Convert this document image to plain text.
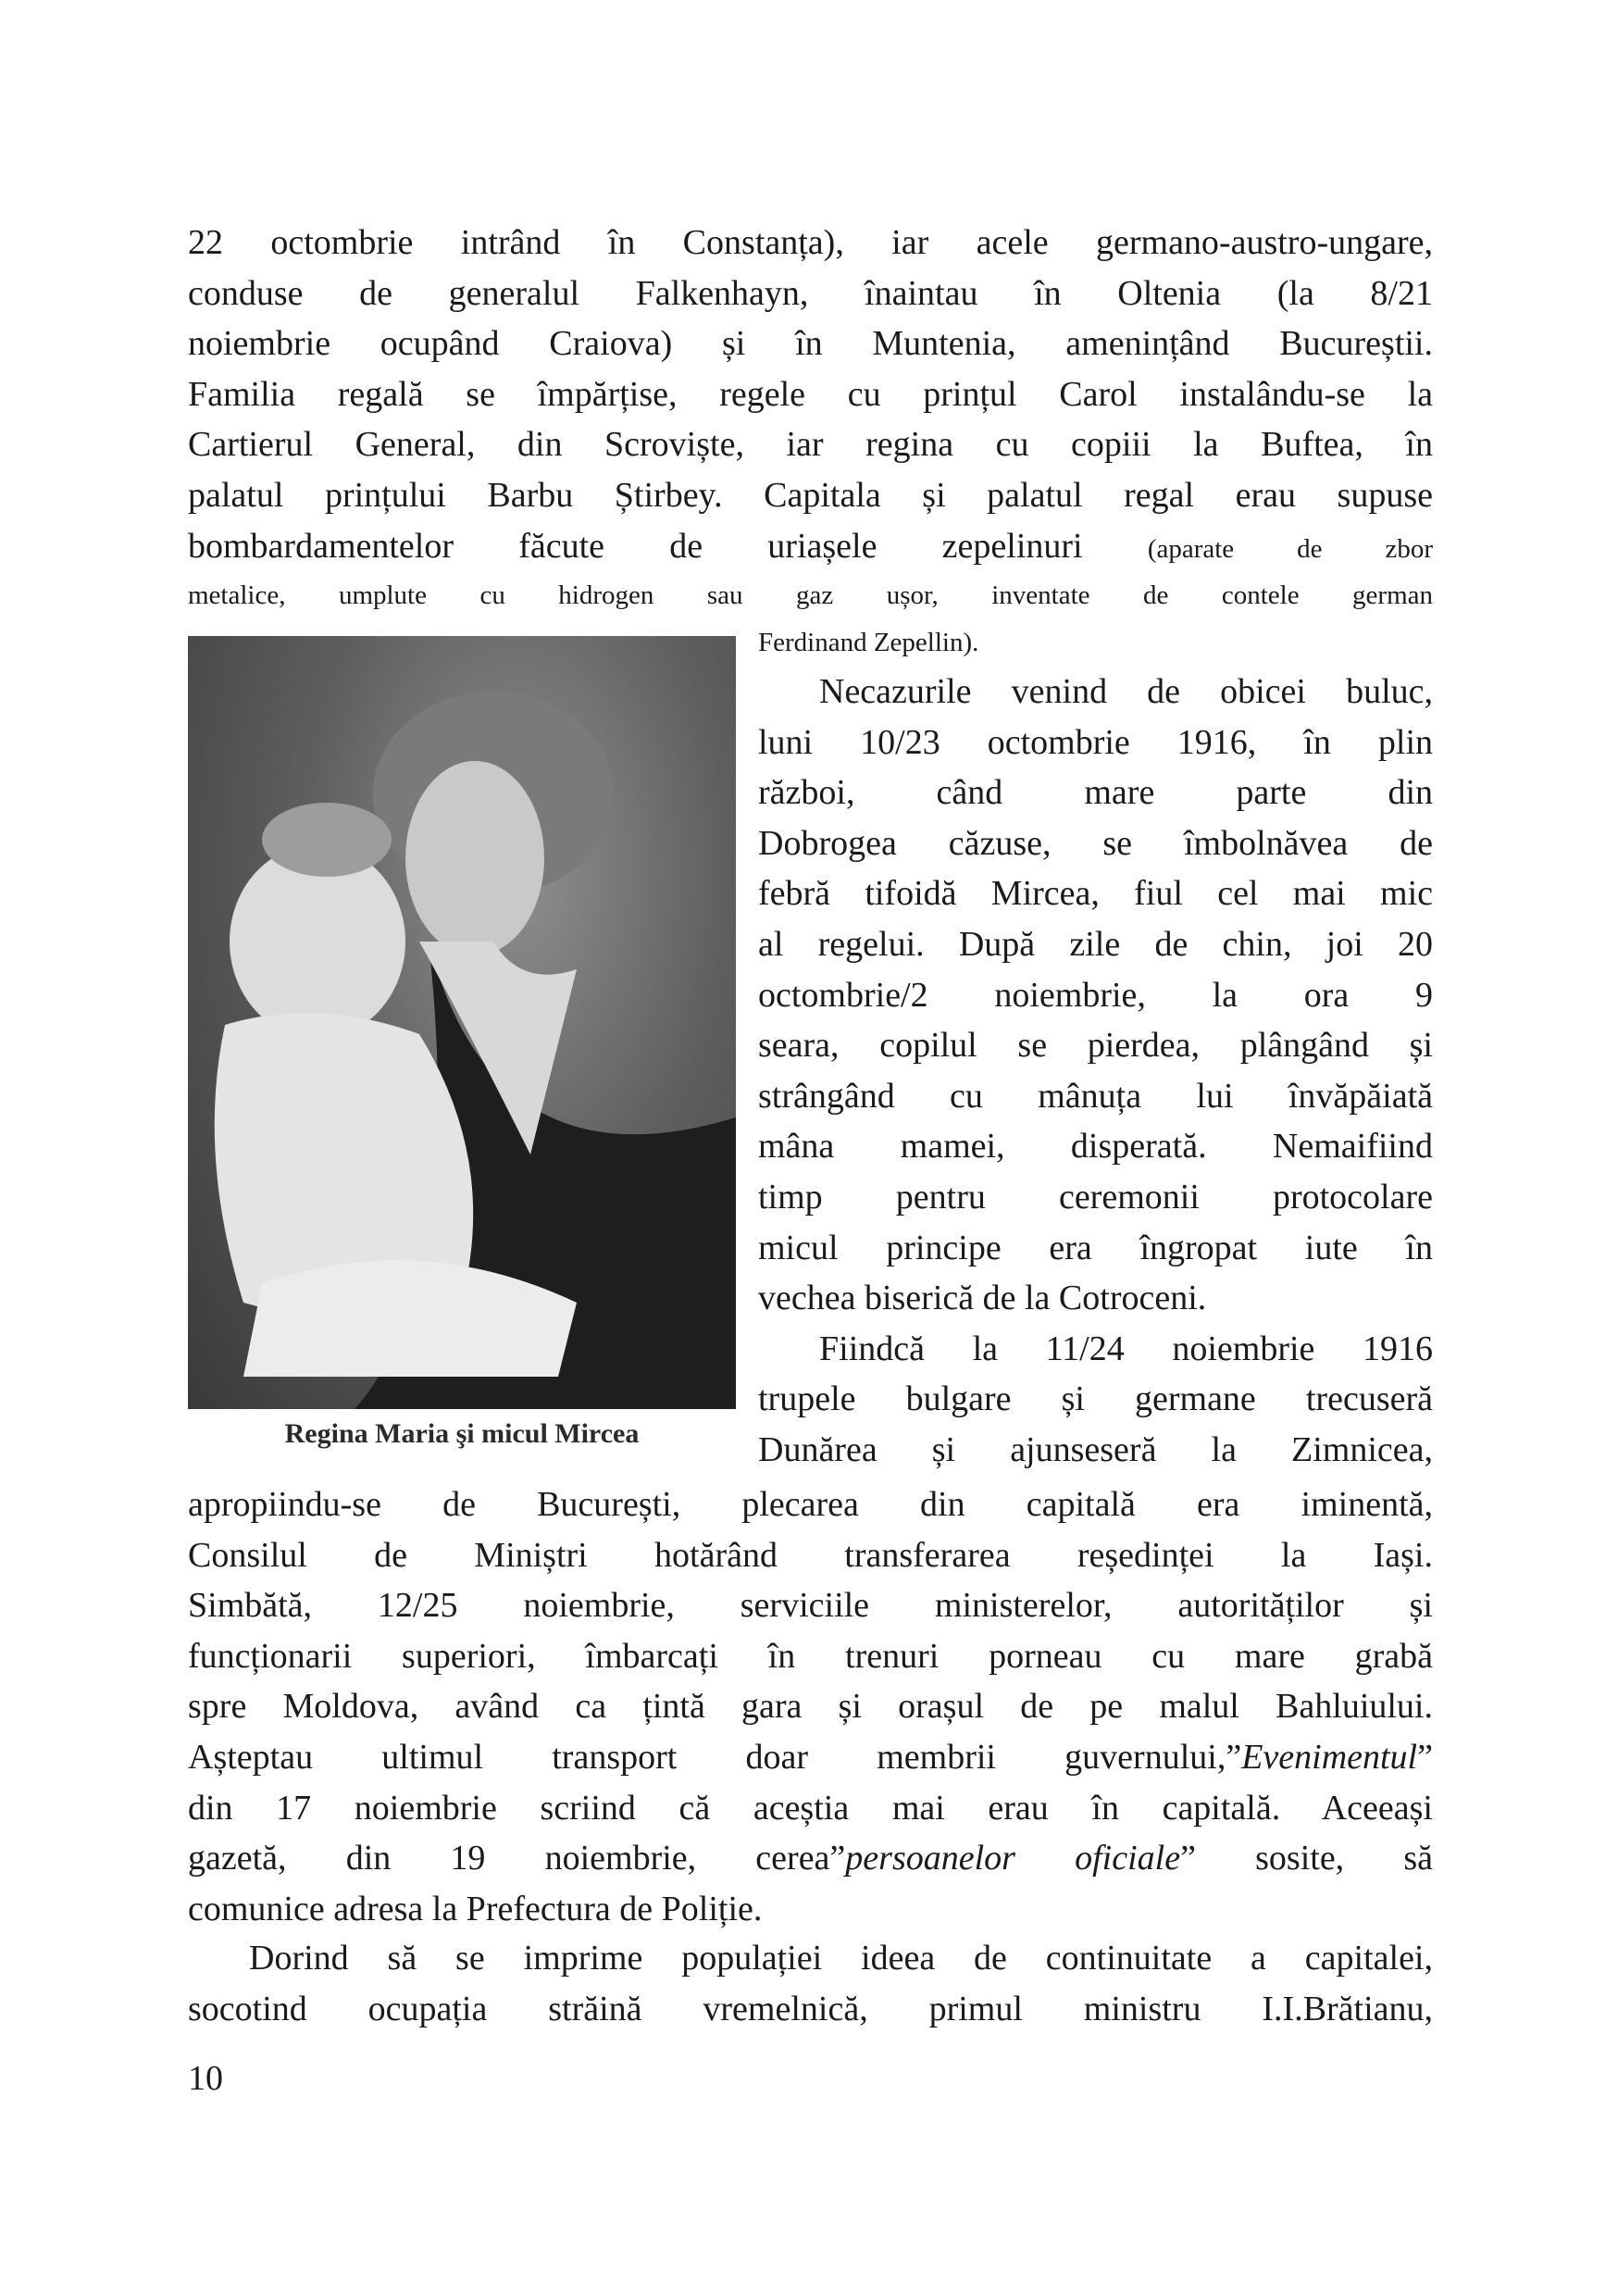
22 octombrie intrând în Constanța), iar acele germano-austro-ungare,
conduse de generalul Falkenhayn, înaintau în Oltenia (la 8/21
noiembrie ocupând Craiova) și în Muntenia, amenințând Bucureștii.
Familia regală se împărțise, regele cu prințul Carol instalându-se la
Cartierul General, din Scroviște, iar regina cu copiii la Buftea, în
palatul prințului Barbu Știrbey. Capitala și palatul regal erau supuse
bombardamentelor făcute de uriașele zepelinuri (aparate de zbor
metalice, umplute cu hidrogen sau gaz ușor, inventate de contele german
Ferdinand Zepellin).
Regina Maria şi micul Mircea
Necazurile venind de obicei buluc,
luni 10/23 octombrie 1916, în plin
război, când mare parte din
Dobrogea căzuse, se îmbolnăvea de
febră tifoidă Mircea, fiul cel mai mic
al regelui. După zile de chin, joi 20
octombrie/2 noiembrie, la ora 9
seara, copilul se pierdea, plângând și
strângând cu mânuța lui învăpăiată
mâna mamei, disperată. Nemaifiind
timp pentru ceremonii protocolare
micul principe era îngropat iute în
vechea biserică de la Cotroceni.
Fiindcă la 11/24 noiembrie 1916
trupele bulgare și germane trecuseră
Dunărea și ajunseseră la Zimnicea,
apropiindu-se de București, plecarea din capitală era iminentă,
Consilul de Miniștri hotărând transferarea reședinței la Iași.
Simbătă, 12/25 noiembrie, serviciile ministerelor, autorităților și
funcționarii superiori, îmbarcați în trenuri porneau cu mare grabă
spre Moldova, având ca țintă gara și orașul de pe malul Bahluiului.
Așteptau ultimul transport doar membrii guvernului,”Evenimentul”
din 17 noiembrie scriind că aceștia mai erau în capitală. Aceeași
gazetă, din 19 noiembrie, cerea”persoanelor oficiale” sosite, să
comunice adresa la Prefectura de Poliție.
Dorind să se imprime populației ideea de continuitate a capitalei,
socotind ocupația străină vremelnică, primul ministru I.I.Brătianu,
10
